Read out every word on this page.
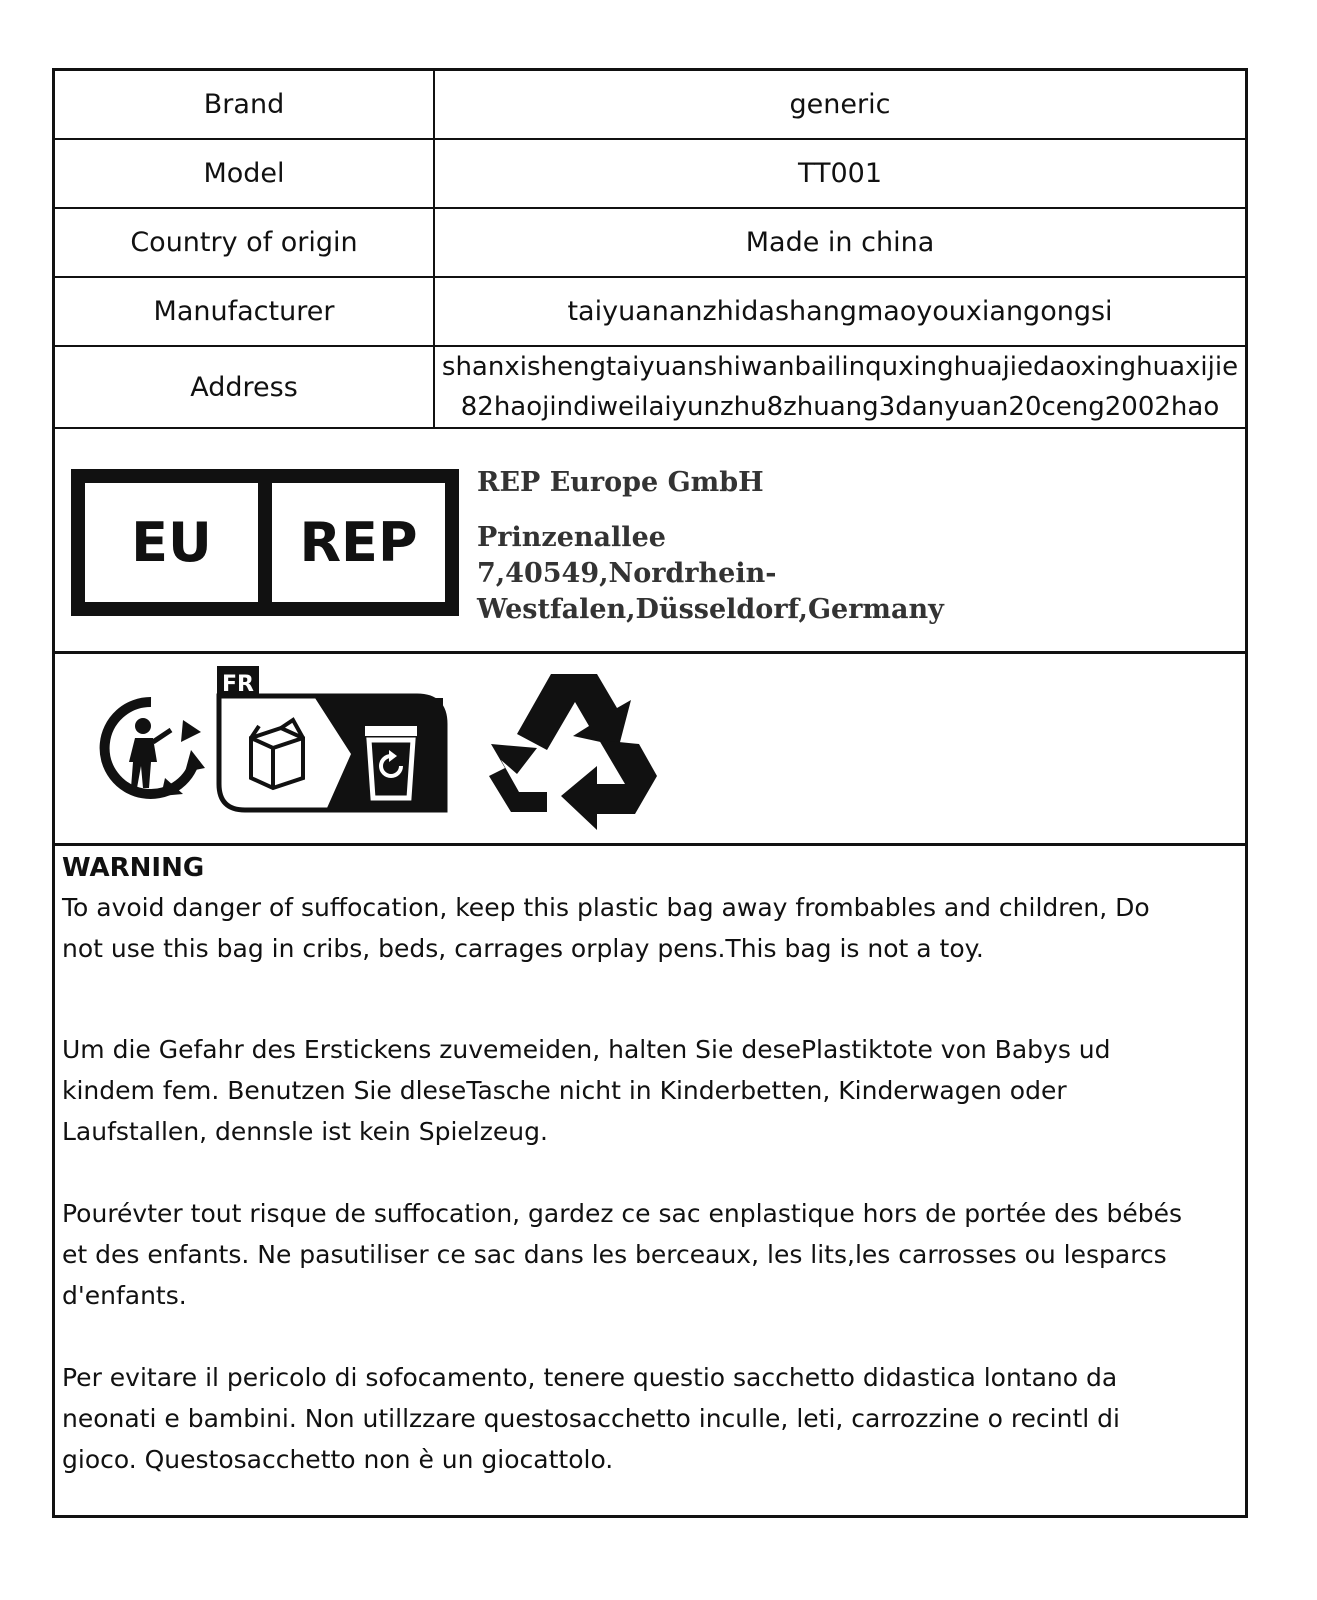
Brand	generic
Model	TT001
Country of origin	Made in china
Manufacturer	taiyuananzhidashangmaoyouxiangongsi
Address	shanxishengtaiyuanshiwanbailinquxinghuajiedaoxinghuaxijie
82haojindiweilaiyunzhu8zhuang3danyuan20ceng2002hao
EU	REP
REP Europe GmbH
Prinzenallee 7,40549,Nordrhein-
Westfalen,Düsseldorf,Germany
FR
WARNING
To avoid danger of suffocation, keep this plastic bag away frombables and children, Do
not use this bag in cribs, beds, carrages orplay pens.This bag is not a toy.
Um die Gefahr des Erstickens zuvemeiden, halten Sie desePlastiktote von Babys ud
kindem fem. Benutzen Sie dleseTasche nicht in Kinderbetten, Kinderwagen oder
Laufstallen, dennsle ist kein Spielzeug.
Pourévter tout risque de suffocation, gardez ce sac enplastique hors de portée des bébés
et des enfants. Ne pasutiliser ce sac dans les berceaux, les lits,les carrosses ou lesparcs
d'enfants.
Per evitare il pericolo di sofocamento, tenere questio sacchetto didastica lontano da
neonati e bambini. Non utillzzare questosacchetto inculle, leti, carrozzine o recintl di
gioco. Questosacchetto non è un giocattolo.
